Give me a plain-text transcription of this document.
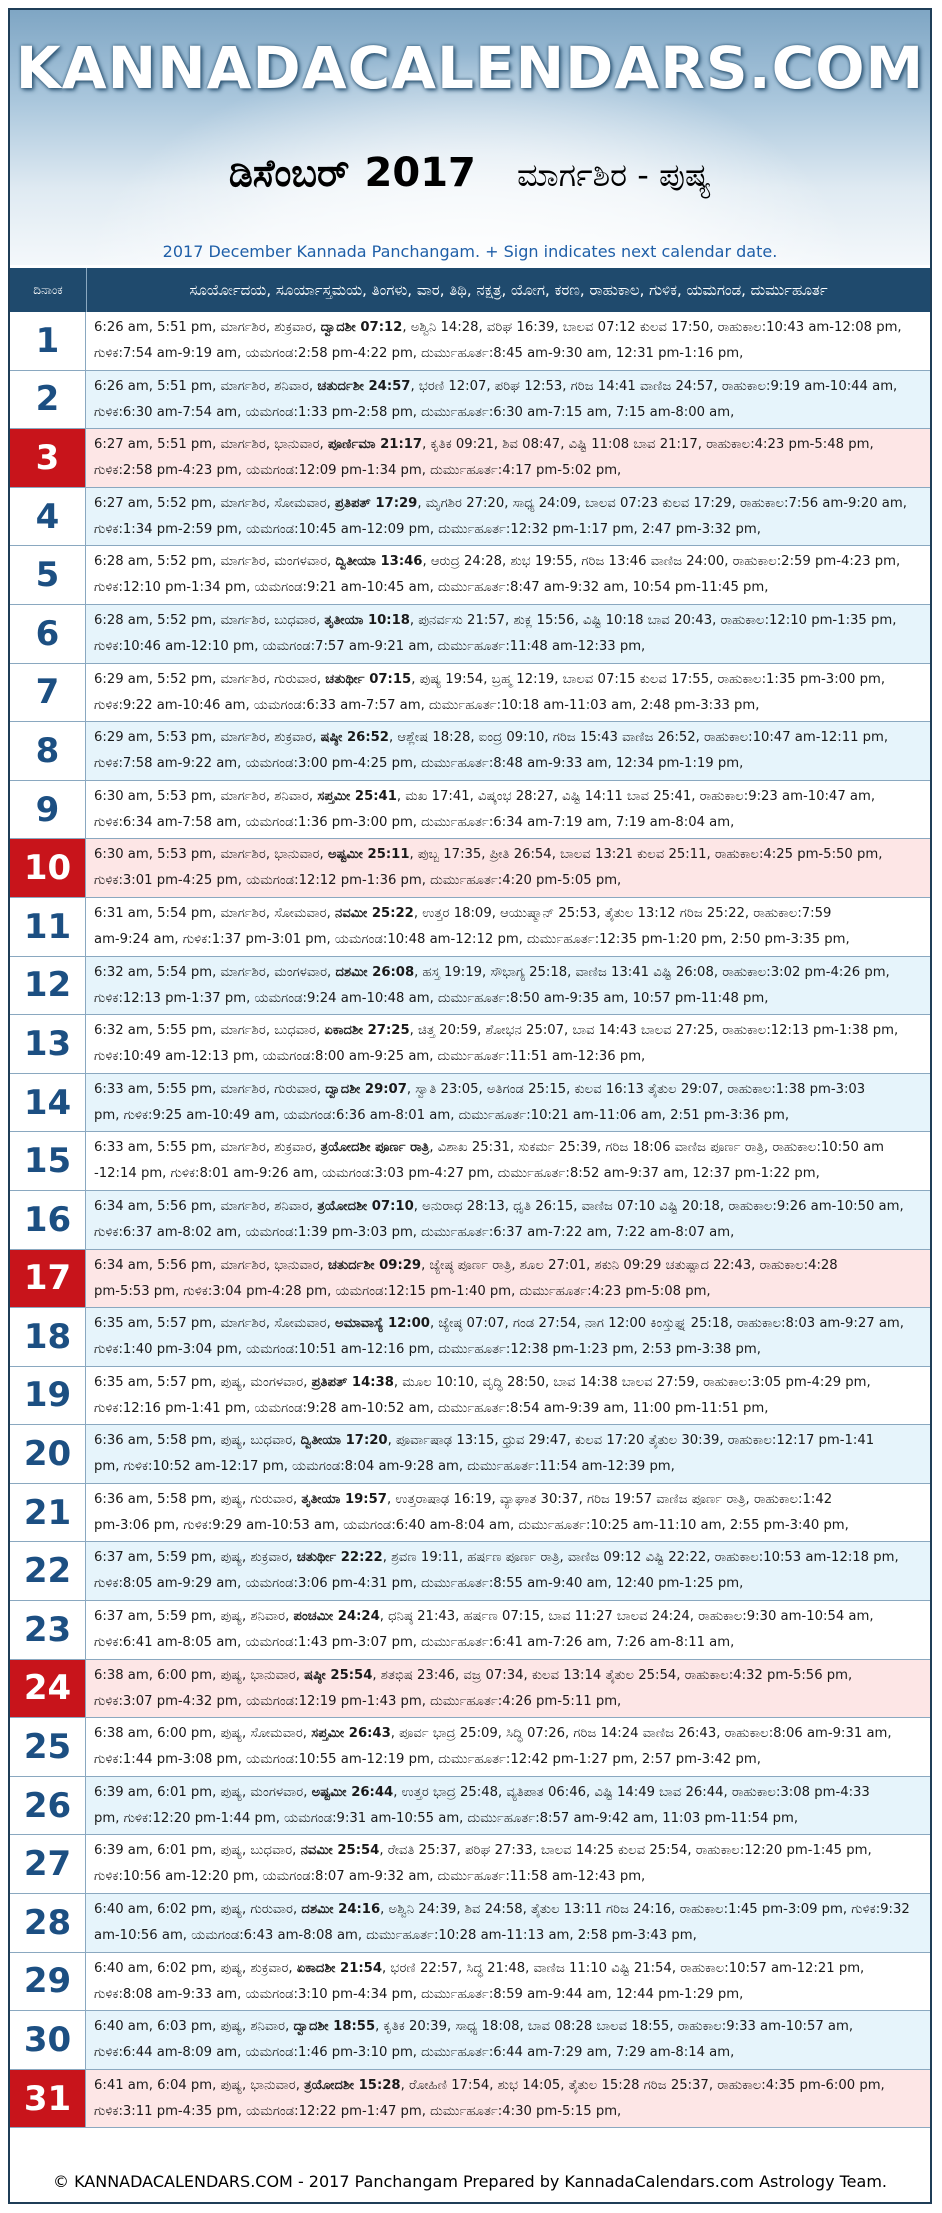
KANNADACALENDARS.COM
ಡಿಸೆಂಬರ್ 2017 ಮಾರ್ಗಶಿರ - ಪುಷ್ಯ
2017 December Kannada Panchangam. + Sign indicates next calendar date.
ದಿನಾಂಕ	ಸೂರ್ಯೋದಯ, ಸೂರ್ಯಾಸ್ತಮಯ, ತಿಂಗಳು, ವಾರ, ತಿಥಿ, ನಕ್ಷತ್ರ, ಯೋಗ, ಕರಣ, ರಾಹುಕಾಲ, ಗುಳಿಕ, ಯಮಗಂಡ, ದುರ್ಮುಹೂರ್ತ
1	6:26 am, 5:51 pm, ಮಾರ್ಗಶಿರ, ಶುಕ್ರವಾರ, ದ್ವಾದಶೀ 07:12, ಅಶ್ವಿನಿ 14:28, ವರಿಘ 16:39, ಬಾಲವ 07:12 ಕುಲವ 17:50, ರಾಹುಕಾಲ:10:43 am-12:08 pm,
ಗುಳಿಕ:7:54 am-9:19 am, ಯಮಗಂಡ:2:58 pm-4:22 pm, ದುರ್ಮುಹೂರ್ತ:8:45 am-9:30 am, 12:31 pm-1:16 pm,
2	6:26 am, 5:51 pm, ಮಾರ್ಗಶಿರ, ಶನಿವಾರ, ಚತುರ್ದಶೀ 24:57, ಭರಣಿ 12:07, ಪರಿಘ 12:53, ಗರಿಜ 14:41 ವಾಣಿಜ 24:57, ರಾಹುಕಾಲ:9:19 am-10:44 am,
ಗುಳಿಕ:6:30 am-7:54 am, ಯಮಗಂಡ:1:33 pm-2:58 pm, ದುರ್ಮುಹೂರ್ತ:6:30 am-7:15 am, 7:15 am-8:00 am,
3	6:27 am, 5:51 pm, ಮಾರ್ಗಶಿರ, ಭಾನುವಾರ, ಪೂರ್ಣಿಮಾ 21:17, ಕೃತಿಕ 09:21, ಶಿವ 08:47, ವಿಷ್ಟಿ 11:08 ಬಾವ 21:17, ರಾಹುಕಾಲ:4:23 pm-5:48 pm,
ಗುಳಿಕ:2:58 pm-4:23 pm, ಯಮಗಂಡ:12:09 pm-1:34 pm, ದುರ್ಮುಹೂರ್ತ:4:17 pm-5:02 pm,
4	6:27 am, 5:52 pm, ಮಾರ್ಗಶಿರ, ಸೋಮವಾರ, ಪ್ರತಿಪತ್ 17:29, ಮೃಗಶಿರ 27:20, ಸಾಧ್ಯ 24:09, ಬಾಲವ 07:23 ಕುಲವ 17:29, ರಾಹುಕಾಲ:7:56 am-9:20 am,
ಗುಳಿಕ:1:34 pm-2:59 pm, ಯಮಗಂಡ:10:45 am-12:09 pm, ದುರ್ಮುಹೂರ್ತ:12:32 pm-1:17 pm, 2:47 pm-3:32 pm,
5	6:28 am, 5:52 pm, ಮಾರ್ಗಶಿರ, ಮಂಗಳವಾರ, ದ್ವಿತೀಯಾ 13:46, ಆರುದ್ರ 24:28, ಶುಭ 19:55, ಗರಿಜ 13:46 ವಾಣಿಜ 24:00, ರಾಹುಕಾಲ:2:59 pm-4:23 pm,
ಗುಳಿಕ:12:10 pm-1:34 pm, ಯಮಗಂಡ:9:21 am-10:45 am, ದುರ್ಮುಹೂರ್ತ:8:47 am-9:32 am, 10:54 pm-11:45 pm,
6	6:28 am, 5:52 pm, ಮಾರ್ಗಶಿರ, ಬುಧವಾರ, ತೃತೀಯಾ 10:18, ಪುನರ್ವಸು 21:57, ಶುಕ್ಲ 15:56, ವಿಷ್ಟಿ 10:18 ಬಾವ 20:43, ರಾಹುಕಾಲ:12:10 pm-1:35 pm,
ಗುಳಿಕ:10:46 am-12:10 pm, ಯಮಗಂಡ:7:57 am-9:21 am, ದುರ್ಮುಹೂರ್ತ:11:48 am-12:33 pm,
7	6:29 am, 5:52 pm, ಮಾರ್ಗಶಿರ, ಗುರುವಾರ, ಚತುರ್ಥೀ 07:15, ಪುಷ್ಯ 19:54, ಬ್ರಹ್ಮ 12:19, ಬಾಲವ 07:15 ಕುಲವ 17:55, ರಾಹುಕಾಲ:1:35 pm-3:00 pm,
ಗುಳಿಕ:9:22 am-10:46 am, ಯಮಗಂಡ:6:33 am-7:57 am, ದುರ್ಮುಹೂರ್ತ:10:18 am-11:03 am, 2:48 pm-3:33 pm,
8	6:29 am, 5:53 pm, ಮಾರ್ಗಶಿರ, ಶುಕ್ರವಾರ, ಷಷ್ಠೀ 26:52, ಆಶ್ಲೇಷ 18:28, ಐಂದ್ರ 09:10, ಗರಿಜ 15:43 ವಾಣಿಜ 26:52, ರಾಹುಕಾಲ:10:47 am-12:11 pm,
ಗುಳಿಕ:7:58 am-9:22 am, ಯಮಗಂಡ:3:00 pm-4:25 pm, ದುರ್ಮುಹೂರ್ತ:8:48 am-9:33 am, 12:34 pm-1:19 pm,
9	6:30 am, 5:53 pm, ಮಾರ್ಗಶಿರ, ಶನಿವಾರ, ಸಪ್ತಮೀ 25:41, ಮಖ 17:41, ವಿಷ್ಕಂಭ 28:27, ವಿಷ್ಟಿ 14:11 ಬಾವ 25:41, ರಾಹುಕಾಲ:9:23 am-10:47 am,
ಗುಳಿಕ:6:34 am-7:58 am, ಯಮಗಂಡ:1:36 pm-3:00 pm, ದುರ್ಮುಹೂರ್ತ:6:34 am-7:19 am, 7:19 am-8:04 am,
10	6:30 am, 5:53 pm, ಮಾರ್ಗಶಿರ, ಭಾನುವಾರ, ಅಷ್ಟಮೀ 25:11, ಪುಬ್ಬ 17:35, ಪ್ರೀತಿ 26:54, ಬಾಲವ 13:21 ಕುಲವ 25:11, ರಾಹುಕಾಲ:4:25 pm-5:50 pm,
ಗುಳಿಕ:3:01 pm-4:25 pm, ಯಮಗಂಡ:12:12 pm-1:36 pm, ದುರ್ಮುಹೂರ್ತ:4:20 pm-5:05 pm,
11	6:31 am, 5:54 pm, ಮಾರ್ಗಶಿರ, ಸೋಮವಾರ, ನವಮೀ 25:22, ಉತ್ತರ 18:09, ಆಯುಷ್ಮಾನ್ 25:53, ತೈತುಲ 13:12 ಗರಿಜ 25:22, ರಾಹುಕಾಲ:7:59
am-9:24 am, ಗುಳಿಕ:1:37 pm-3:01 pm, ಯಮಗಂಡ:10:48 am-12:12 pm, ದುರ್ಮುಹೂರ್ತ:12:35 pm-1:20 pm, 2:50 pm-3:35 pm,
12	6:32 am, 5:54 pm, ಮಾರ್ಗಶಿರ, ಮಂಗಳವಾರ, ದಶಮೀ 26:08, ಹಸ್ತ 19:19, ಸೌಭಾಗ್ಯ 25:18, ವಾಣಿಜ 13:41 ವಿಷ್ಟಿ 26:08, ರಾಹುಕಾಲ:3:02 pm-4:26 pm,
ಗುಳಿಕ:12:13 pm-1:37 pm, ಯಮಗಂಡ:9:24 am-10:48 am, ದುರ್ಮುಹೂರ್ತ:8:50 am-9:35 am, 10:57 pm-11:48 pm,
13	6:32 am, 5:55 pm, ಮಾರ್ಗಶಿರ, ಬುಧವಾರ, ಏಕಾದಶೀ 27:25, ಚಿತ್ತ 20:59, ಶೋಭನ 25:07, ಬಾವ 14:43 ಬಾಲವ 27:25, ರಾಹುಕಾಲ:12:13 pm-1:38 pm,
ಗುಳಿಕ:10:49 am-12:13 pm, ಯಮಗಂಡ:8:00 am-9:25 am, ದುರ್ಮುಹೂರ್ತ:11:51 am-12:36 pm,
14	6:33 am, 5:55 pm, ಮಾರ್ಗಶಿರ, ಗುರುವಾರ, ದ್ವಾದಶೀ 29:07, ಸ್ವಾತಿ 23:05, ಅತಿಗಂಡ 25:15, ಕುಲವ 16:13 ತೈತುಲ 29:07, ರಾಹುಕಾಲ:1:38 pm-3:03
pm, ಗುಳಿಕ:9:25 am-10:49 am, ಯಮಗಂಡ:6:36 am-8:01 am, ದುರ್ಮುಹೂರ್ತ:10:21 am-11:06 am, 2:51 pm-3:36 pm,
15	6:33 am, 5:55 pm, ಮಾರ್ಗಶಿರ, ಶುಕ್ರವಾರ, ತ್ರಯೋದಶೀ ಪೂರ್ಣ ರಾತ್ರಿ, ವಿಶಾಖ 25:31, ಸುಕರ್ಮ 25:39, ಗರಿಜ 18:06 ವಾಣಿಜ ಪೂರ್ಣ ರಾತ್ರಿ, ರಾಹುಕಾಲ:10:50 am
-12:14 pm, ಗುಳಿಕ:8:01 am-9:26 am, ಯಮಗಂಡ:3:03 pm-4:27 pm, ದುರ್ಮುಹೂರ್ತ:8:52 am-9:37 am, 12:37 pm-1:22 pm,
16	6:34 am, 5:56 pm, ಮಾರ್ಗಶಿರ, ಶನಿವಾರ, ತ್ರಯೋದಶೀ 07:10, ಅನುರಾಧ 28:13, ಧೃತಿ 26:15, ವಾಣಿಜ 07:10 ವಿಷ್ಟಿ 20:18, ರಾಹುಕಾಲ:9:26 am-10:50 am,
ಗುಳಿಕ:6:37 am-8:02 am, ಯಮಗಂಡ:1:39 pm-3:03 pm, ದುರ್ಮುಹೂರ್ತ:6:37 am-7:22 am, 7:22 am-8:07 am,
17	6:34 am, 5:56 pm, ಮಾರ್ಗಶಿರ, ಭಾನುವಾರ, ಚತುರ್ದಶೀ 09:29, ಜ್ಯೇಷ್ಠ ಪೂರ್ಣ ರಾತ್ರಿ, ಶೂಲ 27:01, ಶಕುನಿ 09:29 ಚತುಷ್ಪಾದ 22:43, ರಾಹುಕಾಲ:4:28
pm-5:53 pm, ಗುಳಿಕ:3:04 pm-4:28 pm, ಯಮಗಂಡ:12:15 pm-1:40 pm, ದುರ್ಮುಹೂರ್ತ:4:23 pm-5:08 pm,
18	6:35 am, 5:57 pm, ಮಾರ್ಗಶಿರ, ಸೋಮವಾರ, ಅಮಾವಾಸ್ಯೆ 12:00, ಜ್ಯೇಷ್ಠ 07:07, ಗಂಡ 27:54, ನಾಗ 12:00 ಕಿಂಸ್ತುಘ್ನ 25:18, ರಾಹುಕಾಲ:8:03 am-9:27 am,
ಗುಳಿಕ:1:40 pm-3:04 pm, ಯಮಗಂಡ:10:51 am-12:16 pm, ದುರ್ಮುಹೂರ್ತ:12:38 pm-1:23 pm, 2:53 pm-3:38 pm,
19	6:35 am, 5:57 pm, ಪುಷ್ಯ, ಮಂಗಳವಾರ, ಪ್ರತಿಪತ್ 14:38, ಮೂಲ 10:10, ವೃದ್ಧಿ 28:50, ಬಾವ 14:38 ಬಾಲವ 27:59, ರಾಹುಕಾಲ:3:05 pm-4:29 pm,
ಗುಳಿಕ:12:16 pm-1:41 pm, ಯಮಗಂಡ:9:28 am-10:52 am, ದುರ್ಮುಹೂರ್ತ:8:54 am-9:39 am, 11:00 pm-11:51 pm,
20	6:36 am, 5:58 pm, ಪುಷ್ಯ, ಬುಧವಾರ, ದ್ವಿತೀಯಾ 17:20, ಪೂರ್ವಾಷಾಢ 13:15, ಧ್ರುವ 29:47, ಕುಲವ 17:20 ತೈತುಲ 30:39, ರಾಹುಕಾಲ:12:17 pm-1:41
pm, ಗುಳಿಕ:10:52 am-12:17 pm, ಯಮಗಂಡ:8:04 am-9:28 am, ದುರ್ಮುಹೂರ್ತ:11:54 am-12:39 pm,
21	6:36 am, 5:58 pm, ಪುಷ್ಯ, ಗುರುವಾರ, ತೃತೀಯಾ 19:57, ಉತ್ತರಾಷಾಢ 16:19, ವ್ಯಾಘಾತ 30:37, ಗರಿಜ 19:57 ವಾಣಿಜ ಪೂರ್ಣ ರಾತ್ರಿ, ರಾಹುಕಾಲ:1:42
pm-3:06 pm, ಗುಳಿಕ:9:29 am-10:53 am, ಯಮಗಂಡ:6:40 am-8:04 am, ದುರ್ಮುಹೂರ್ತ:10:25 am-11:10 am, 2:55 pm-3:40 pm,
22	6:37 am, 5:59 pm, ಪುಷ್ಯ, ಶುಕ್ರವಾರ, ಚತುರ್ಥೀ 22:22, ಶ್ರವಣ 19:11, ಹರ್ಷಣ ಪೂರ್ಣ ರಾತ್ರಿ, ವಾಣಿಜ 09:12 ವಿಷ್ಟಿ 22:22, ರಾಹುಕಾಲ:10:53 am-12:18 pm,
ಗುಳಿಕ:8:05 am-9:29 am, ಯಮಗಂಡ:3:06 pm-4:31 pm, ದುರ್ಮುಹೂರ್ತ:8:55 am-9:40 am, 12:40 pm-1:25 pm,
23	6:37 am, 5:59 pm, ಪುಷ್ಯ, ಶನಿವಾರ, ಪಂಚಮೀ 24:24, ಧನಿಷ್ಠ 21:43, ಹರ್ಷಣ 07:15, ಬಾವ 11:27 ಬಾಲವ 24:24, ರಾಹುಕಾಲ:9:30 am-10:54 am,
ಗುಳಿಕ:6:41 am-8:05 am, ಯಮಗಂಡ:1:43 pm-3:07 pm, ದುರ್ಮುಹೂರ್ತ:6:41 am-7:26 am, 7:26 am-8:11 am,
24	6:38 am, 6:00 pm, ಪುಷ್ಯ, ಭಾನುವಾರ, ಷಷ್ಠೀ 25:54, ಶತಭಿಷ 23:46, ವಜ್ರ 07:34, ಕುಲವ 13:14 ತೈತುಲ 25:54, ರಾಹುಕಾಲ:4:32 pm-5:56 pm,
ಗುಳಿಕ:3:07 pm-4:32 pm, ಯಮಗಂಡ:12:19 pm-1:43 pm, ದುರ್ಮುಹೂರ್ತ:4:26 pm-5:11 pm,
25	6:38 am, 6:00 pm, ಪುಷ್ಯ, ಸೋಮವಾರ, ಸಪ್ತಮೀ 26:43, ಪೂರ್ವ ಭಾದ್ರ 25:09, ಸಿದ್ಧಿ 07:26, ಗರಿಜ 14:24 ವಾಣಿಜ 26:43, ರಾಹುಕಾಲ:8:06 am-9:31 am,
ಗುಳಿಕ:1:44 pm-3:08 pm, ಯಮಗಂಡ:10:55 am-12:19 pm, ದುರ್ಮುಹೂರ್ತ:12:42 pm-1:27 pm, 2:57 pm-3:42 pm,
26	6:39 am, 6:01 pm, ಪುಷ್ಯ, ಮಂಗಳವಾರ, ಅಷ್ಟಮೀ 26:44, ಉತ್ತರ ಭಾದ್ರ 25:48, ವ್ಯತಿಪಾತ 06:46, ವಿಷ್ಟಿ 14:49 ಬಾವ 26:44, ರಾಹುಕಾಲ:3:08 pm-4:33
pm, ಗುಳಿಕ:12:20 pm-1:44 pm, ಯಮಗಂಡ:9:31 am-10:55 am, ದುರ್ಮುಹೂರ್ತ:8:57 am-9:42 am, 11:03 pm-11:54 pm,
27	6:39 am, 6:01 pm, ಪುಷ್ಯ, ಬುಧವಾರ, ನವಮೀ 25:54, ರೇವತಿ 25:37, ಪರಿಘ 27:33, ಬಾಲವ 14:25 ಕುಲವ 25:54, ರಾಹುಕಾಲ:12:20 pm-1:45 pm,
ಗುಳಿಕ:10:56 am-12:20 pm, ಯಮಗಂಡ:8:07 am-9:32 am, ದುರ್ಮುಹೂರ್ತ:11:58 am-12:43 pm,
28	6:40 am, 6:02 pm, ಪುಷ್ಯ, ಗುರುವಾರ, ದಶಮೀ 24:16, ಅಶ್ವಿನಿ 24:39, ಶಿವ 24:58, ತೈತುಲ 13:11 ಗರಿಜ 24:16, ರಾಹುಕಾಲ:1:45 pm-3:09 pm, ಗುಳಿಕ:9:32
am-10:56 am, ಯಮಗಂಡ:6:43 am-8:08 am, ದುರ್ಮುಹೂರ್ತ:10:28 am-11:13 am, 2:58 pm-3:43 pm,
29	6:40 am, 6:02 pm, ಪುಷ್ಯ, ಶುಕ್ರವಾರ, ಏಕಾದಶೀ 21:54, ಭರಣಿ 22:57, ಸಿದ್ಧ 21:48, ವಾಣಿಜ 11:10 ವಿಷ್ಟಿ 21:54, ರಾಹುಕಾಲ:10:57 am-12:21 pm,
ಗುಳಿಕ:8:08 am-9:33 am, ಯಮಗಂಡ:3:10 pm-4:34 pm, ದುರ್ಮುಹೂರ್ತ:8:59 am-9:44 am, 12:44 pm-1:29 pm,
30	6:40 am, 6:03 pm, ಪುಷ್ಯ, ಶನಿವಾರ, ದ್ವಾದಶೀ 18:55, ಕೃತಿಕ 20:39, ಸಾಧ್ಯ 18:08, ಬಾವ 08:28 ಬಾಲವ 18:55, ರಾಹುಕಾಲ:9:33 am-10:57 am,
ಗುಳಿಕ:6:44 am-8:09 am, ಯಮಗಂಡ:1:46 pm-3:10 pm, ದುರ್ಮುಹೂರ್ತ:6:44 am-7:29 am, 7:29 am-8:14 am,
31	6:41 am, 6:04 pm, ಪುಷ್ಯ, ಭಾನುವಾರ, ತ್ರಯೋದಶೀ 15:28, ರೋಹಿಣಿ 17:54, ಶುಭ 14:05, ತೈತುಲ 15:28 ಗರಿಜ 25:37, ರಾಹುಕಾಲ:4:35 pm-6:00 pm,
ಗುಳಿಕ:3:11 pm-4:35 pm, ಯಮಗಂಡ:12:22 pm-1:47 pm, ದುರ್ಮುಹೂರ್ತ:4:30 pm-5:15 pm,
© KANNADACALENDARS.COM - 2017 Panchangam Prepared by KannadaCalendars.com Astrology Team.
